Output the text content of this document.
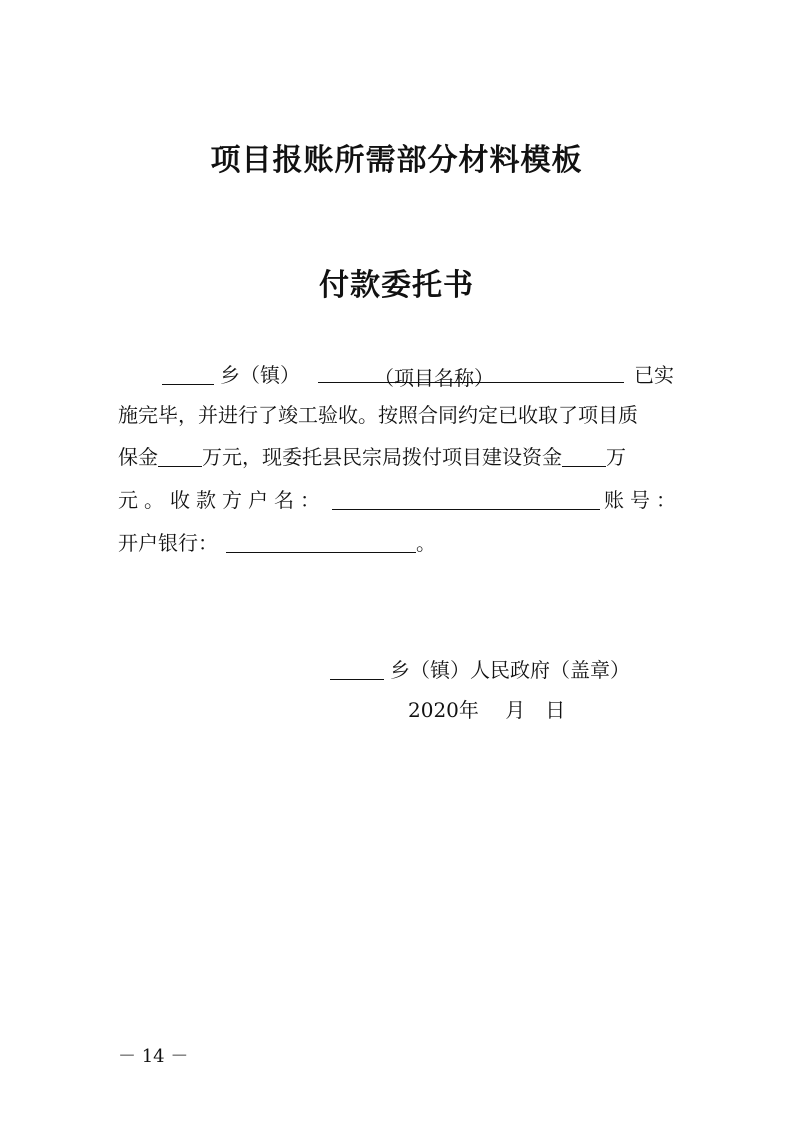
项目报账所需部分材料模板
付款委托书
乡（镇）	（项目名称）	已实
施完毕，并进行了竣工验收。按照合同约定已收取了项目质
保金 万元，现委托县民宗局拨付项目建设资金 万
元。收款方户名：	账号：
开户银行：	。
乡（镇）人民政府（盖章）
2020年　 月　日
－ 14 －
